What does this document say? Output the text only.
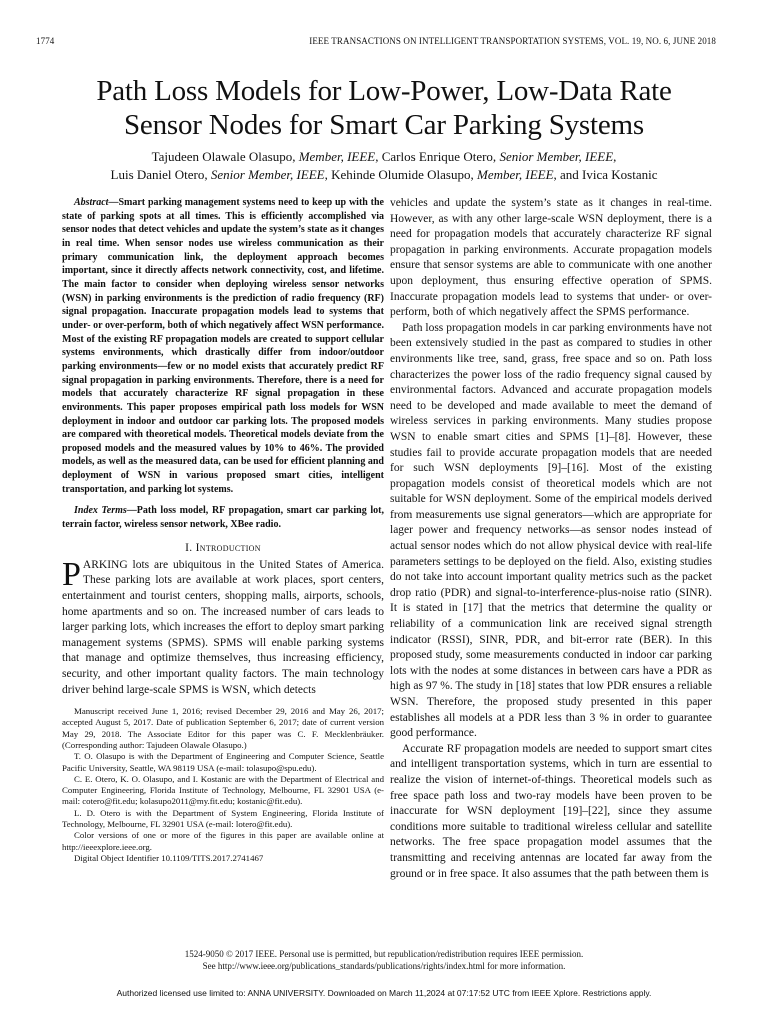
1774	IEEE TRANSACTIONS ON INTELLIGENT TRANSPORTATION SYSTEMS, VOL. 19, NO. 6, JUNE 2018
Path Loss Models for Low-Power, Low-Data Rate
Sensor Nodes for Smart Car Parking Systems
Tajudeen Olawale Olasupo, Member, IEEE, Carlos Enrique Otero, Senior Member, IEEE,
Luis Daniel Otero, Senior Member, IEEE, Kehinde Olumide Olasupo, Member, IEEE, and Ivica Kostanic

Abstract—Smart parking management systems need to keep up with the state of parking spots at all times. This is efficiently accomplished via sensor nodes that detect vehicles and update the system’s state as it changes in real time. When sensor nodes use wireless communication as their primary communication link, the deployment approach becomes important, since it directly affects network connectivity, cost, and lifetime. The main factor to consider when deploying wireless sensor networks (WSN) in parking environments is the prediction of radio frequency (RF) signal propagation. Inaccurate propagation models lead to systems that under- or over-perform, both of which negatively affect WSN performance. Most of the existing RF propagation models are created to support cellular systems environments, which drastically differ from indoor/outdoor parking environments—few or no model exists that accurately predict RF signal propagation in parking environments. Therefore, there is a need for models that accurately characterize RF signal propagation in these environments. This paper proposes empirical path loss models for WSN deployment in indoor and outdoor car parking lots. The proposed models are compared with theoretical models. Theoretical models deviate from the proposed models and the measured values by 10% to 46%. The provided models, as well as the measured data, can be used for efficient planning and deployment of WSN in various proposed smart cities, intelligent transportation, and parking lot systems.

Index Terms—Path loss model, RF propagation, smart car parking lot, terrain factor, wireless sensor network, XBee radio.

I. Introduction

PARKING lots are ubiquitous in the United States of America. These parking lots are available at work places, sport centers, entertainment and tourist centers, shopping malls, airports, schools, home apartments and so on. The increased number of cars leads to larger parking lots, which increases the effort to deploy smart parking management systems (SPMS). SPMS will enable parking systems that manage and optimize themselves, thus increasing efficiency, security, and other important quality factors. The main technology driver behind large-scale SPMS is WSN, which detects

Manuscript received June 1, 2016; revised December 29, 2016 and May 26, 2017; accepted August 5, 2017. Date of publication September 6, 2017; date of current version May 29, 2018. The Associate Editor for this paper was C. F. Mecklenbräuker. (Corresponding author: Tajudeen Olawale Olasupo.)

T. O. Olasupo is with the Department of Engineering and Computer Science, Seattle Pacific University, Seattle, WA 98119 USA (e-mail: tolasupo@spu.edu).

C. E. Otero, K. O. Olasupo, and I. Kostanic are with the Department of Electrical and Computer Engineering, Florida Institute of Technology, Melbourne, FL 32901 USA (e-mail: cotero@fit.edu; kolasupo2011@my.fit.edu; kostanic@fit.edu).

L. D. Otero is with the Department of System Engineering, Florida Institute of Technology, Melbourne, FL 32901 USA (e-mail: lotero@fit.edu).

Color versions of one or more of the figures in this paper are available online at http://ieeexplore.ieee.org.

Digital Object Identifier 10.1109/TITS.2017.2741467

vehicles and update the system’s state as it changes in real-time. However, as with any other large-scale WSN deployment, there is a need for propagation models that accurately characterize RF signal propagation in parking environments. Accurate propagation models ensure that sensor systems are able to communicate with one another upon deployment, thus ensuring effective operation of SPMS. Inaccurate propagation models lead to systems that under- or over-perform, both of which negatively affect the SPMS performance.

Path loss propagation models in car parking environments have not been extensively studied in the past as compared to studies in other environments like tree, sand, grass, free space and so on. Path loss characterizes the power loss of the radio frequency signal caused by environmental factors. Advanced and accurate propagation models need to be developed and made available to meet the demand of wireless services in parking environments. Many studies propose WSN to enable smart cities and SPMS [1]–[8]. However, these studies fail to provide accurate propagation models that are needed for such WSN deployments [9]–[16]. Most of the existing propagation models consist of theoretical models which are not suitable for WSN deployment. Some of the empirical models derived from measurements use signal generators—which are appropriate for lager power and frequency networks—as sensor nodes instead of actual sensor nodes which do not allow physical device with real-life parameters settings to be deployed on the field. Also, existing studies do not take into account important quality metrics such as the packet drop ratio (PDR) and signal-to-interference-plus-noise ratio (SINR). It is stated in [17] that the metrics that determine the quality or reliability of a communication link are received signal strength indicator (RSSI), SINR, PDR, and bit-error rate (BER). In this proposed study, some measurements conducted in indoor car parking lots with the nodes at some distances in between cars have a PDR as high as 97 %. The study in [18] states that low PDR ensures a reliable WSN. Therefore, the proposed study presented in this paper establishes all models at a PDR less than 3 % in order to guarantee good performance.

Accurate RF propagation models are needed to support smart cites and intelligent transportation systems, which in turn are essential to realize the vision of internet-of-things. Theoretical models such as free space path loss and two-ray models have been proven to be inaccurate for WSN deployment [19]–[22], since they assume conditions more suitable to traditional wireless cellular and satellite networks. The free space propagation model assumes that the transmitting and receiving antennas are located far away from the ground or in free space. It also assumes that the path between them is

1524-9050 © 2017 IEEE. Personal use is permitted, but republication/redistribution requires IEEE permission.
See http://www.ieee.org/publications_standards/publications/rights/index.html for more information.
Authorized licensed use limited to: ANNA UNIVERSITY. Downloaded on March 11,2024 at 07:17:52 UTC from IEEE Xplore. Restrictions apply.
